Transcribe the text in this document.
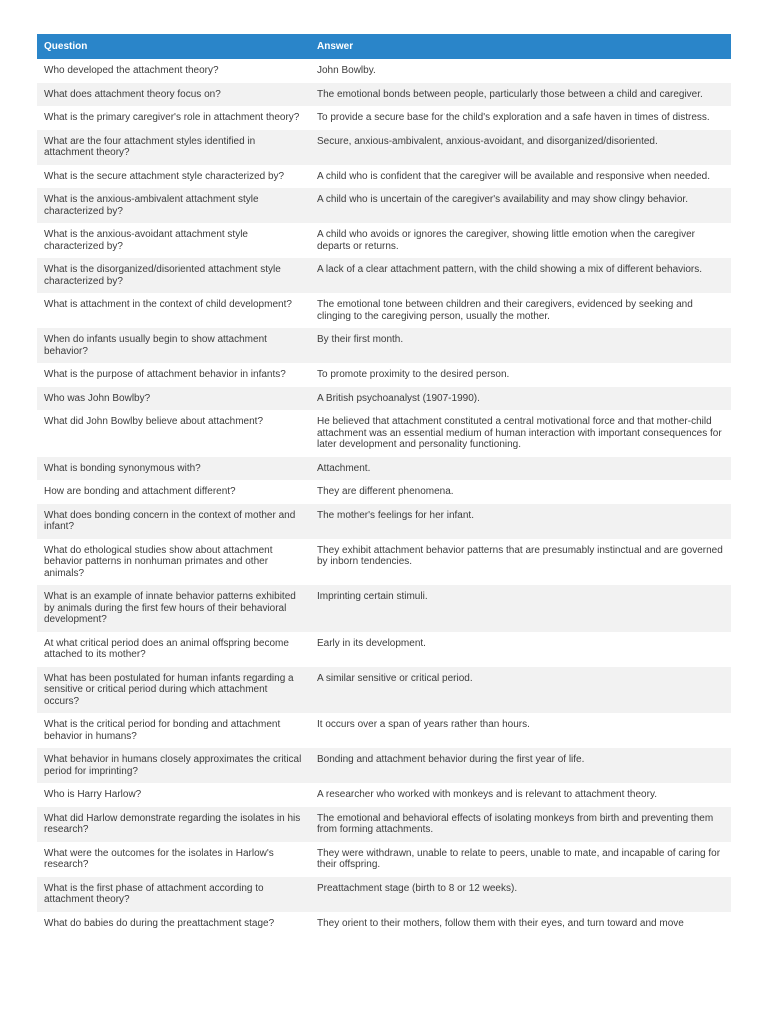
Question	Answer
Who developed the attachment theory?	John Bowlby.
What does attachment theory focus on?	The emotional bonds between people, particularly those between a child and caregiver.
What is the primary caregiver's role in attachment theory?	To provide a secure base for the child's exploration and a safe haven in times of distress.
What are the four attachment styles identified in attachment theory?	Secure, anxious-ambivalent, anxious-avoidant, and disorganized/disoriented.
What is the secure attachment style characterized by?	A child who is confident that the caregiver will be available and responsive when needed.
What is the anxious-ambivalent attachment style characterized by?	A child who is uncertain of the caregiver's availability and may show clingy behavior.
What is the anxious-avoidant attachment style characterized by?	A child who avoids or ignores the caregiver, showing little emotion when the caregiver departs or returns.
What is the disorganized/disoriented attachment style characterized by?	A lack of a clear attachment pattern, with the child showing a mix of different behaviors.
What is attachment in the context of child development?	The emotional tone between children and their caregivers, evidenced by seeking and clinging to the caregiving person, usually the mother.
When do infants usually begin to show attachment behavior?	By their first month.
What is the purpose of attachment behavior in infants?	To promote proximity to the desired person.
Who was John Bowlby?	A British psychoanalyst (1907-1990).
What did John Bowlby believe about attachment?	He believed that attachment constituted a central motivational force and that mother-child attachment was an essential medium of human interaction with important consequences for later development and personality functioning.
What is bonding synonymous with?	Attachment.
How are bonding and attachment different?	They are different phenomena.
What does bonding concern in the context of mother and infant?	The mother's feelings for her infant.
What do ethological studies show about attachment behavior patterns in nonhuman primates and other animals?	They exhibit attachment behavior patterns that are presumably instinctual and are governed by inborn tendencies.
What is an example of innate behavior patterns exhibited by animals during the first few hours of their behavioral development?	Imprinting certain stimuli.
At what critical period does an animal offspring become attached to its mother?	Early in its development.
What has been postulated for human infants regarding a sensitive or critical period during which attachment occurs?	A similar sensitive or critical period.
What is the critical period for bonding and attachment behavior in humans?	It occurs over a span of years rather than hours.
What behavior in humans closely approximates the critical period for imprinting?	Bonding and attachment behavior during the first year of life.
Who is Harry Harlow?	A researcher who worked with monkeys and is relevant to attachment theory.
What did Harlow demonstrate regarding the isolates in his research?	The emotional and behavioral effects of isolating monkeys from birth and preventing them from forming attachments.
What were the outcomes for the isolates in Harlow's research?	They were withdrawn, unable to relate to peers, unable to mate, and incapable of caring for their offspring.
What is the first phase of attachment according to attachment theory?	Preattachment stage (birth to 8 or 12 weeks).
What do babies do during the preattachment stage?	They orient to their mothers, follow them with their eyes, and turn toward and move
